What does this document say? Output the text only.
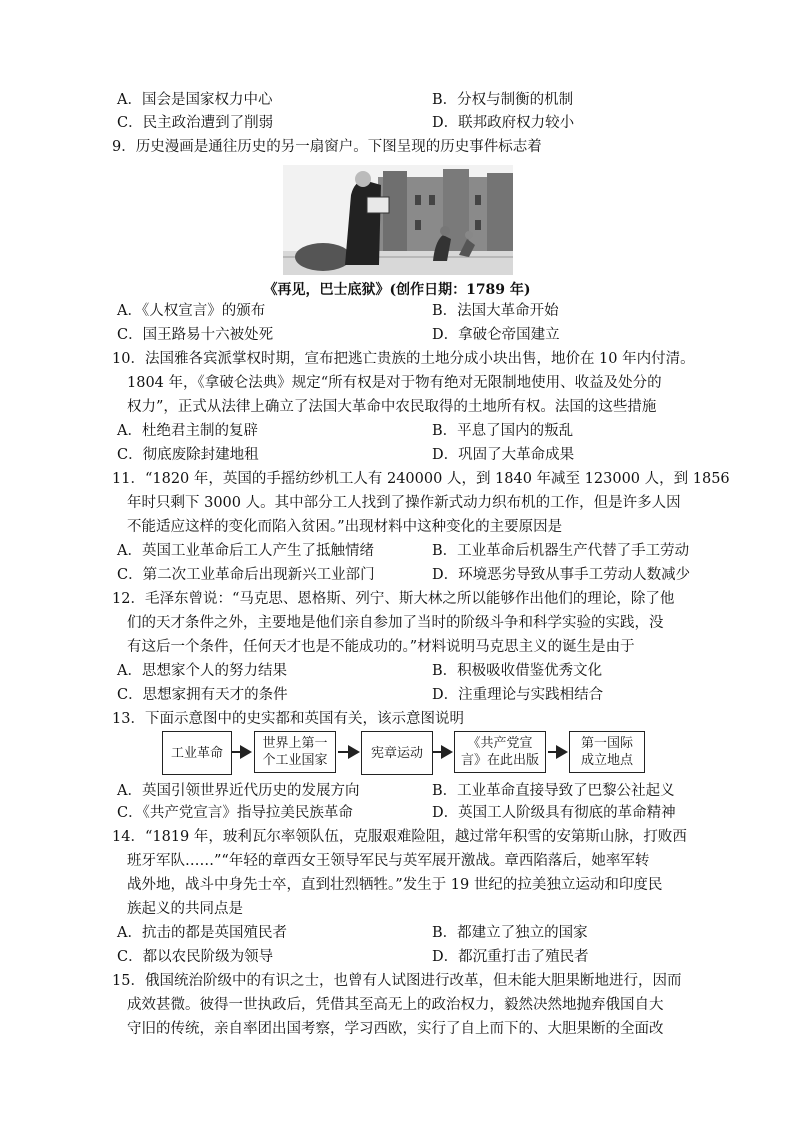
A．国会是国家权力中心	B．分权与制衡的机制
C．民主政治遭到了削弱	D．联邦政府权力较小
9．历史漫画是通往历史的另一扇窗户。下图呈现的历史事件标志着
《再见，巴士底狱》(创作日期：1789 年)
A．《人权宣言》的颁布	B．法国大革命开始
C．国王路易十六被处死	D．拿破仑帝国建立
10．法国雅各宾派掌权时期，宣布把逃亡贵族的土地分成小块出售，地价在 10 年内付清。
1804 年，《拿破仑法典》规定“所有权是对于物有绝对无限制地使用、收益及处分的
权力”，正式从法律上确立了法国大革命中农民取得的土地所有权。法国的这些措施
A．杜绝君主制的复辟	B．平息了国内的叛乱
C．彻底废除封建地租	D．巩固了大革命成果
11．“1820 年，英国的手摇纺纱机工人有 240000 人，到 1840 年减至 123000 人，到 1856
年时只剩下 3000 人。其中部分工人找到了操作新式动力织布机的工作，但是许多人因
不能适应这样的变化而陷入贫困。”出现材料中这种变化的主要原因是
A．英国工业革命后工人产生了抵触情绪	B．工业革命后机器生产代替了手工劳动
C．第二次工业革命后出现新兴工业部门	D．环境恶劣导致从事手工劳动人数减少
12．毛泽东曾说：“马克思、恩格斯、列宁、斯大林之所以能够作出他们的理论，除了他
们的天才条件之外，主要地是他们亲自参加了当时的阶级斗争和科学实验的实践，没
有这后一个条件，任何天才也是不能成功的。”材料说明马克思主义的诞生是由于
A．思想家个人的努力结果	B．积极吸收借鉴优秀文化
C．思想家拥有天才的条件	D．注重理论与实践相结合
13．下面示意图中的史实都和英国有关，该示意图说明
工业革命
世界上第一个工业国家	宪章运动
《共产党宣言》在此出版
第一国际成立地点
A．英国引领世界近代历史的发展方向	B．工业革命直接导致了巴黎公社起义
C．《共产党宣言》指导拉美民族革命	D．英国工人阶级具有彻底的革命精神
14．“1819 年，玻利瓦尔率领队伍，克服艰难险阻，越过常年积雪的安第斯山脉，打败西
班牙军队……”“年轻的章西女王领导军民与英军展开激战。章西陷落后，她率军转
战外地，战斗中身先士卒，直到壮烈牺牲。”发生于 19 世纪的拉美独立运动和印度民
族起义的共同点是
A．抗击的都是英国殖民者	B．都建立了独立的国家
C．都以农民阶级为领导	D．都沉重打击了殖民者
15．俄国统治阶级中的有识之士，也曾有人试图进行改革，但未能大胆果断地进行，因而
成效甚微。彼得一世执政后，凭借其至高无上的政治权力，毅然决然地抛弃俄国自大
守旧的传统，亲自率团出国考察，学习西欧，实行了自上而下的、大胆果断的全面改
